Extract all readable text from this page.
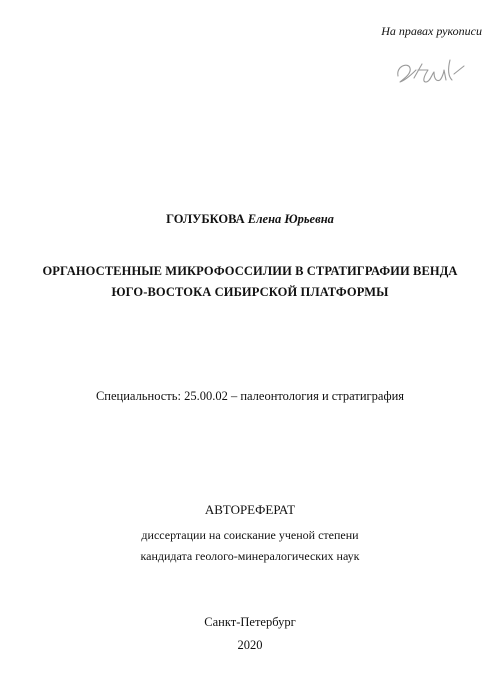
На правах рукописи
ГОЛУБКОВА Елена Юрьевна
ОРГАНОСТЕННЫЕ МИКРОФОССИЛИИ В СТРАТИГРАФИИ ВЕНДА
ЮГО-ВОСТОКА СИБИРСКОЙ ПЛАТФОРМЫ
Специальность: 25.00.02 – палеонтология и стратиграфия
АВТОРЕФЕРАТ
диссертации на соискание ученой степени
кандидата геолого-минералогических наук
Санкт-Петербург
2020
